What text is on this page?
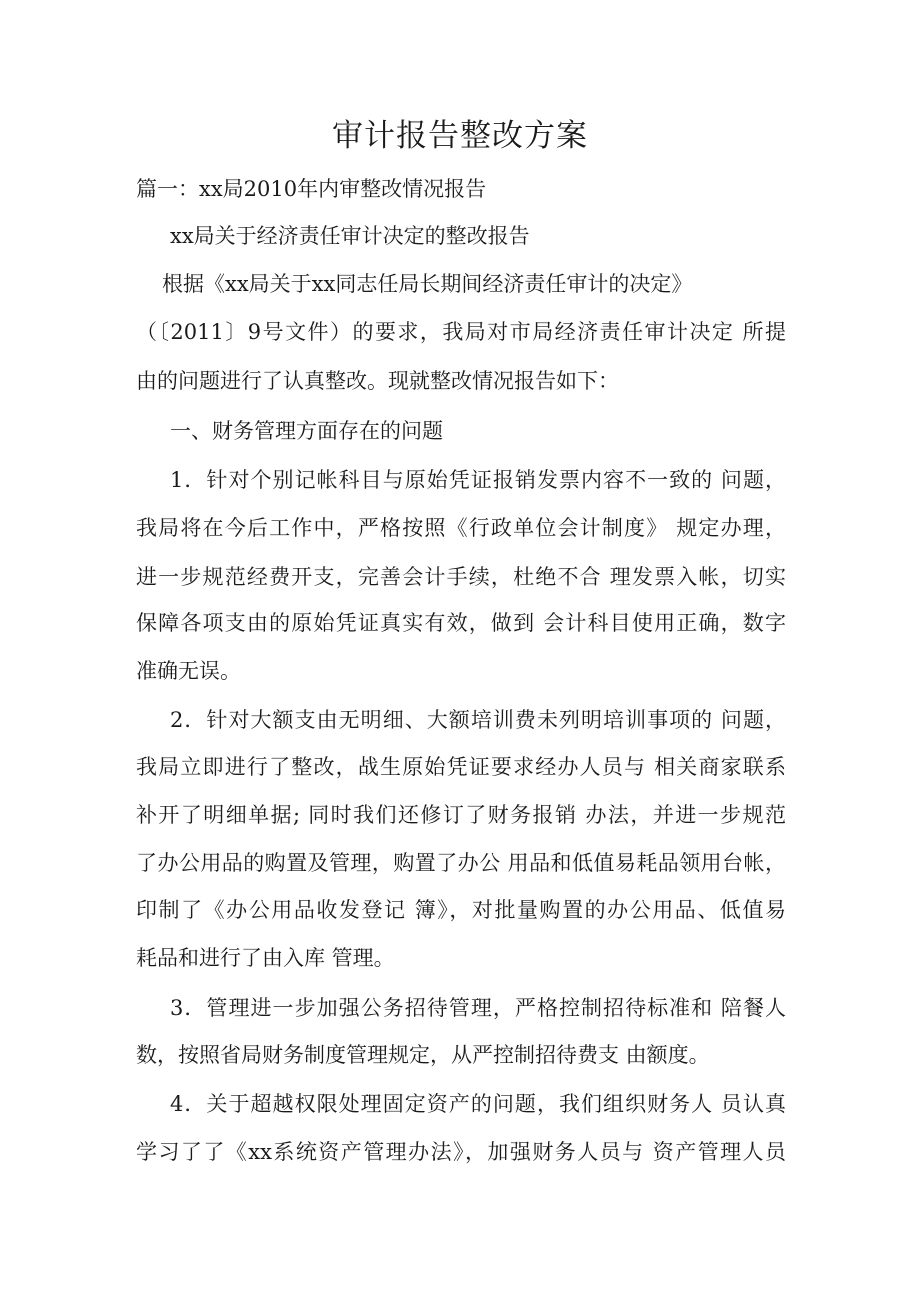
审计报告整改方案
篇一：xx局2010年内审整改情况报告
xx局关于经济责任审计决定的整改报告
根据《xx局关于xx同志任局长期间经济责任审计的决定》
（〔2011〕9号文件）的要求，我局对市局经济责任审计决定 所提
由的问题进行了认真整改。现就整改情况报告如下：
一、财务管理方面存在的问题
1．针对个别记帐科目与原始凭证报销发票内容不一致的 问题，
我局将在今后工作中，严格按照《行政单位会计制度》 规定办理，
进一步规范经费开支，完善会计手续，杜绝不合 理发票入帐，切实
保障各项支由的原始凭证真实有效，做到 会计科目使用正确，数字
准确无误。
2．针对大额支由无明细、大额培训费未列明培训事项的 问题，
我局立即进行了整改，战生原始凭证要求经办人员与 相关商家联系
补开了明细单据; 同时我们还修订了财务报销 办法，并进一步规范
了办公用品的购置及管理，购置了办公 用品和低值易耗品领用台帐，
印制了《办公用品收发登记 簿》，对批量购置的办公用品、低值易
耗品和进行了由入库 管理。
3．管理进一步加强公务招待管理，严格控制招待标准和 陪餐人
数，按照省局财务制度管理规定，从严控制招待费支 由额度。
4．关于超越权限处理固定资产的问题，我们组织财务人 员认真
学习了了《xx系统资产管理办法》，加强财务人员与 资产管理人员
